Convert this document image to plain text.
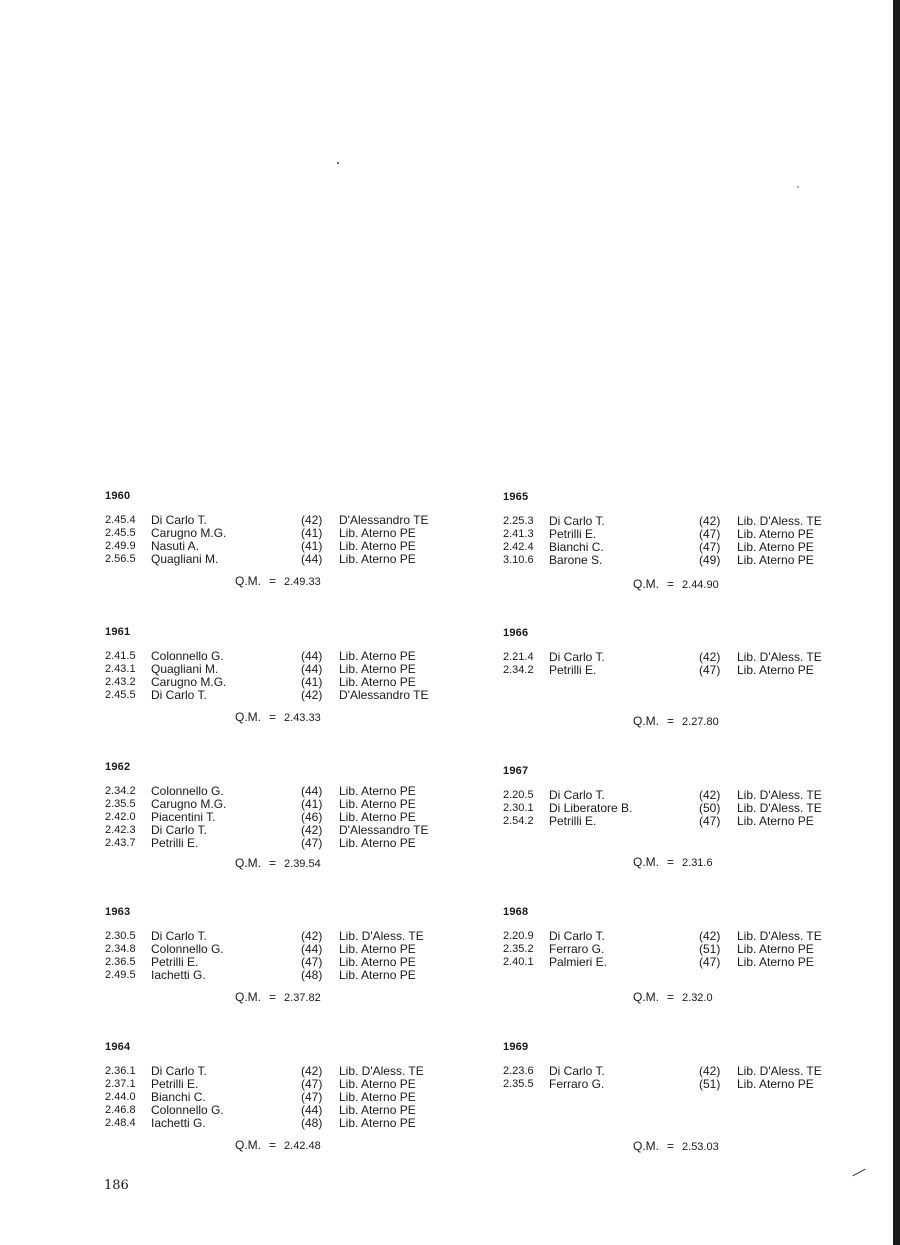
1960
2.45.4 Di Carlo T.	(42) D'Alessandro TE
2.45.5 Carugno M.G.	(41) Lib. Aterno PE
2.49.9 Nasuti A.	(41) Lib. Aterno PE
2.56.5 Quagliani M.	(44) Lib. Aterno PE
Q.M. = 2.49.33
1961
2.41.5 Colonnello G.	(44) Lib. Aterno PE
2.43.1 Quagliani M.	(44) Lib. Aterno PE
2.43.2 Carugno M.G.	(41) Lib. Aterno PE
2.45.5 Di Carlo T.	(42) D'Alessandro TE
Q.M. = 2.43.33
1962
2.34.2 Colonnello G.	(44) Lib. Aterno PE
2.35.5 Carugno M.G.	(41) Lib. Aterno PE
2.42.0 Piacentini T.	(46) Lib. Aterno PE
2.42.3 Di Carlo T.	(42) D'Alessandro TE
2.43.7 Petrilli E.	(47) Lib. Aterno PE
Q.M. = 2.39.54
1963
2.30.5 Di Carlo T.	(42) Lib. D'Aless. TE
2.34.8 Colonnello G.	(44) Lib. Aterno PE
2.36.5 Petrilli E.	(47) Lib. Aterno PE
2.49.5 Iachetti G.	(48) Lib. Aterno PE
Q.M. = 2.37.82
1964
2.36.1 Di Carlo T.	(42) Lib. D'Aless. TE
2.37.1 Petrilli E.	(47) Lib. Aterno PE
2.44.0 Bianchi C.	(47) Lib. Aterno PE
2.46.8 Colonnello G.	(44) Lib. Aterno PE
2.48.4 Iachetti G.	(48) Lib. Aterno PE
Q.M. = 2.42.48
1965
2.25.3 Di Carlo T.	(42) Lib. D'Aless. TE
2.41.3 Petrilli E.	(47) Lib. Aterno PE
2.42.4 Bianchi C.	(47) Lib. Aterno PE
3.10.6 Barone S.	(49) Lib. Aterno PE
Q.M. = 2.44.90
1966
2.21.4 Di Carlo T.	(42) Lib. D'Aless. TE
2.34.2 Petrilli E.	(47) Lib. Aterno PE
Q.M. = 2.27.80
1967
2.20.5 Di Carlo T.	(42) Lib. D'Aless. TE
2.30.1 Di Liberatore B.	(50) Lib. D'Aless. TE
2.54.2 Petrilli E.	(47) Lib. Aterno PE
Q.M. = 2.31.6
1968
2.20.9 Di Carlo T.	(42) Lib. D'Aless. TE
2.35.2 Ferraro G.	(51) Lib. Aterno PE
2.40.1 Palmieri E.	(47) Lib. Aterno PE
Q.M. = 2.32.0
1969
2.23.6 Di Carlo T.	(42) Lib. D'Aless. TE
2.35.5 Ferraro G.	(51) Lib. Aterno PE
Q.M. = 2.53.03
186
